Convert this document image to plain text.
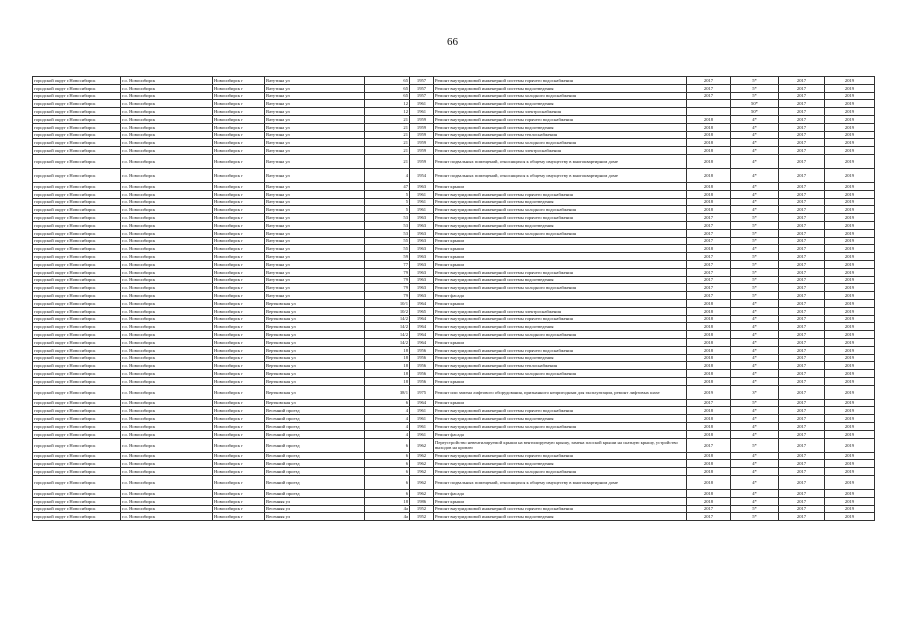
66
городской округ г.Новосибирск	г.о. Новосибирск	Новосибирск г	Ватутина ул	65	1957	Ремонт внутридомовой инженерной системы горячего водоснабжения	2017	5*	2017	2019
городской округ г.Новосибирск	г.о. Новосибирск	Новосибирск г	Ватутина ул	65	1957	Ремонт внутридомовой инженерной системы водоотведения	2017	5*	2017	2019
городской округ г.Новосибирск	г.о. Новосибирск	Новосибирск г	Ватутина ул	65	1957	Ремонт внутридомовой инженерной системы холодного водоснабжения	2017	5*	2017	2019
городской округ г.Новосибирск	г.о. Новосибирск	Новосибирск г	Ватутина ул	12	1961	Ремонт внутридомовой инженерной системы водоотведения		50*	2017	2019
городской округ г.Новосибирск	г.о. Новосибирск	Новосибирск г	Ватутина ул	12	1961	Ремонт внутридомовой инженерной системы электроснабжения		50*	2017	2019
городской округ г.Новосибирск	г.о. Новосибирск	Новосибирск г	Ватутина ул	21	1959	Ремонт внутридомовой инженерной системы горячего водоснабжения	2018	4*	2017	2019
городской округ г.Новосибирск	г.о. Новосибирск	Новосибирск г	Ватутина ул	21	1959	Ремонт внутридомовой инженерной системы водоотведения	2018	4*	2017	2019
городской округ г.Новосибирск	г.о. Новосибирск	Новосибирск г	Ватутина ул	21	1959	Ремонт внутридомовой инженерной системы теплоснабжения	2018	4*	2017	2019
городской округ г.Новосибирск	г.о. Новосибирск	Новосибирск г	Ватутина ул	21	1959	Ремонт внутридомовой инженерной системы холодного водоснабжения	2018	4*	2017	2019
городской округ г.Новосибирск	г.о. Новосибирск	Новосибирск г	Ватутина ул	21	1959	Ремонт внутридомовой инженерной системы электроснабжения	2018	4*	2017	2019
городской округ г.Новосибирск	г.о. Новосибирск	Новосибирск г	Ватутина ул	21	1959	Ремонт подвальных помещений, относящихся к общему имуществу в многоквартирном доме	2018	4*	2017	2019
городской округ г.Новосибирск	г.о. Новосибирск	Новосибирск г	Ватутина ул	4	1954	Ремонт подвальных помещений, относящихся к общему имуществу в многоквартирном доме	2018	4*	2017	2019
городской округ г.Новосибирск	г.о. Новосибирск	Новосибирск г	Ватутина ул	47	1963	Ремонт крыши	2018	4*	2017	2019
городской округ г.Новосибирск	г.о. Новосибирск	Новосибирск г	Ватутина ул	5	1961	Ремонт внутридомовой инженерной системы горячего водоснабжения	2018	4*	2017	2019
городской округ г.Новосибирск	г.о. Новосибирск	Новосибирск г	Ватутина ул	5	1961	Ремонт внутридомовой инженерной системы водоотведения	2018	4*	2017	2019
городской округ г.Новосибирск	г.о. Новосибирск	Новосибирск г	Ватутина ул	5	1961	Ремонт внутридомовой инженерной системы холодного водоснабжения	2018	4*	2017	2019
городской округ г.Новосибирск	г.о. Новосибирск	Новосибирск г	Ватутина ул	53	1963	Ремонт внутридомовой инженерной системы горячего водоснабжения	2017	5*	2017	2019
городской округ г.Новосибирск	г.о. Новосибирск	Новосибирск г	Ватутина ул	53	1963	Ремонт внутридомовой инженерной системы водоотведения	2017	5*	2017	2019
городской округ г.Новосибирск	г.о. Новосибирск	Новосибирск г	Ватутина ул	53	1963	Ремонт внутридомовой инженерной системы холодного водоснабжения	2017	5*	2017	2019
городской округ г.Новосибирск	г.о. Новосибирск	Новосибирск г	Ватутина ул	55	1963	Ремонт крыши	2017	5*	2017	2019
городской округ г.Новосибирск	г.о. Новосибирск	Новосибирск г	Ватутина ул	55	1963	Ремонт крыши	2018	4*	2017	2019
городской округ г.Новосибирск	г.о. Новосибирск	Новосибирск г	Ватутина ул	59	1963	Ремонт крыши	2017	5*	2017	2019
городской округ г.Новосибирск	г.о. Новосибирск	Новосибирск г	Ватутина ул	77	1963	Ремонт крыши	2017	5*	2017	2019
городской округ г.Новосибирск	г.о. Новосибирск	Новосибирск г	Ватутина ул	79	1963	Ремонт внутридомовой инженерной системы горячего водоснабжения	2017	5*	2017	2019
городской округ г.Новосибирск	г.о. Новосибирск	Новосибирск г	Ватутина ул	79	1963	Ремонт внутридомовой инженерной системы водоотведения	2017	5*	2017	2019
городской округ г.Новосибирск	г.о. Новосибирск	Новосибирск г	Ватутина ул	79	1963	Ремонт внутридомовой инженерной системы холодного водоснабжения	2017	5*	2017	2019
городской округ г.Новосибирск	г.о. Новосибирск	Новосибирск г	Ватутина ул	79	1963	Ремонт фасада	2017	5*	2017	2019
городской округ г.Новосибирск	г.о. Новосибирск	Новосибирск г	Вертковская ул	10/1	1964	Ремонт крыши	2018	4*	2017	2019
городской округ г.Новосибирск	г.о. Новосибирск	Новосибирск г	Вертковская ул	10/2	1965	Ремонт внутридомовой инженерной системы электроснабжения	2018	4*	2017	2019
городской округ г.Новосибирск	г.о. Новосибирск	Новосибирск г	Вертковская ул	14/2	1964	Ремонт внутридомовой инженерной системы горячего водоснабжения	2018	4*	2017	2019
городской округ г.Новосибирск	г.о. Новосибирск	Новосибирск г	Вертковская ул	14/2	1964	Ремонт внутридомовой инженерной системы водоотведения	2018	4*	2017	2019
городской округ г.Новосибирск	г.о. Новосибирск	Новосибирск г	Вертковская ул	14/2	1964	Ремонт внутридомовой инженерной системы холодного водоснабжения	2018	4*	2017	2019
городской округ г.Новосибирск	г.о. Новосибирск	Новосибирск г	Вертковская ул	14/2	1964	Ремонт крыши	2018	4*	2017	2019
городской округ г.Новосибирск	г.о. Новосибирск	Новосибирск г	Вертковская ул	18	1956	Ремонт внутридомовой инженерной системы горячего водоснабжения	2018	4*	2017	2019
городской округ г.Новосибирск	г.о. Новосибирск	Новосибирск г	Вертковская ул	18	1956	Ремонт внутридомовой инженерной системы водоотведения	2018	4*	2017	2019
городской округ г.Новосибирск	г.о. Новосибирск	Новосибирск г	Вертковская ул	18	1956	Ремонт внутридомовой инженерной системы теплоснабжения	2018	4*	2017	2019
городской округ г.Новосибирск	г.о. Новосибирск	Новосибирск г	Вертковская ул	18	1956	Ремонт внутридомовой инженерной системы холодного водоснабжения	2018	4*	2017	2019
городской округ г.Новосибирск	г.о. Новосибирск	Новосибирск г	Вертковская ул	18	1956	Ремонт крыши	2018	4*	2017	2019
городской округ г.Новосибирск	г.о. Новосибирск	Новосибирск г	Вертковская ул	38/1	1975	Ремонт или замена лифтового оборудования, признанного непригодным для эксплуатации, ремонт лифтовых шахт	2019	3*	2017	2019
городской округ г.Новосибирск	г.о. Новосибирск	Новосибирск г	Вертковская ул	6	1964	Ремонт крыши	2017	5*	2017	2019
городской округ г.Новосибирск	г.о. Новосибирск	Новосибирск г	Весенний проезд	4	1961	Ремонт внутридомовой инженерной системы горячего водоснабжения	2018	4*	2017	2019
городской округ г.Новосибирск	г.о. Новосибирск	Новосибирск г	Весенний проезд	4	1961	Ремонт внутридомовой инженерной системы водоотведения	2018	4*	2017	2019
городской округ г.Новосибирск	г.о. Новосибирск	Новосибирск г	Весенний проезд	4	1961	Ремонт внутридомовой инженерной системы холодного водоснабжения	2018	4*	2017	2019
городской округ г.Новосибирск	г.о. Новосибирск	Новосибирск г	Весенний проезд	4	1961	Ремонт фасада	2018	4*	2017	2019
городской округ г.Новосибирск	г.о. Новосибирск	Новосибирск г	Весенний проезд	6	1962	Переустройство невентилируемой крыши на вентилируемую крышу, замена плоской крыши на скатную крышу, устройство выходов на кровлю	2017	5*	2017	2019
городской округ г.Новосибирск	г.о. Новосибирск	Новосибирск г	Весенний проезд	6	1962	Ремонт внутридомовой инженерной системы горячего водоснабжения	2018	4*	2017	2019
городской округ г.Новосибирск	г.о. Новосибирск	Новосибирск г	Весенний проезд	6	1962	Ремонт внутридомовой инженерной системы водоотведения	2018	4*	2017	2019
городской округ г.Новосибирск	г.о. Новосибирск	Новосибирск г	Весенний проезд	6	1962	Ремонт внутридомовой инженерной системы холодного водоснабжения	2018	4*	2017	2019
городской округ г.Новосибирск	г.о. Новосибирск	Новосибирск г	Весенний проезд	6	1962	Ремонт подвальных помещений, относящихся к общему имуществу в многоквартирном доме	2018	4*	2017	2019
городской округ г.Новосибирск	г.о. Новосибирск	Новосибирск г	Весенний проезд	6	1962	Ремонт фасада	2018	4*	2017	2019
городской округ г.Новосибирск	г.о. Новосибирск	Новосибирск г	Весенняя ул	18	1986	Ремонт крыши	2018	4*	2017	2019
городской округ г.Новосибирск	г.о. Новосибирск	Новосибирск г	Весенняя ул	4а	1952	Ремонт внутридомовой инженерной системы горячего водоснабжения	2017	5*	2017	2019
городской округ г.Новосибирск	г.о. Новосибирск	Новосибирск г	Весенняя ул	4а	1952	Ремонт внутридомовой инженерной системы водоотведения	2017	5*	2017	2019
